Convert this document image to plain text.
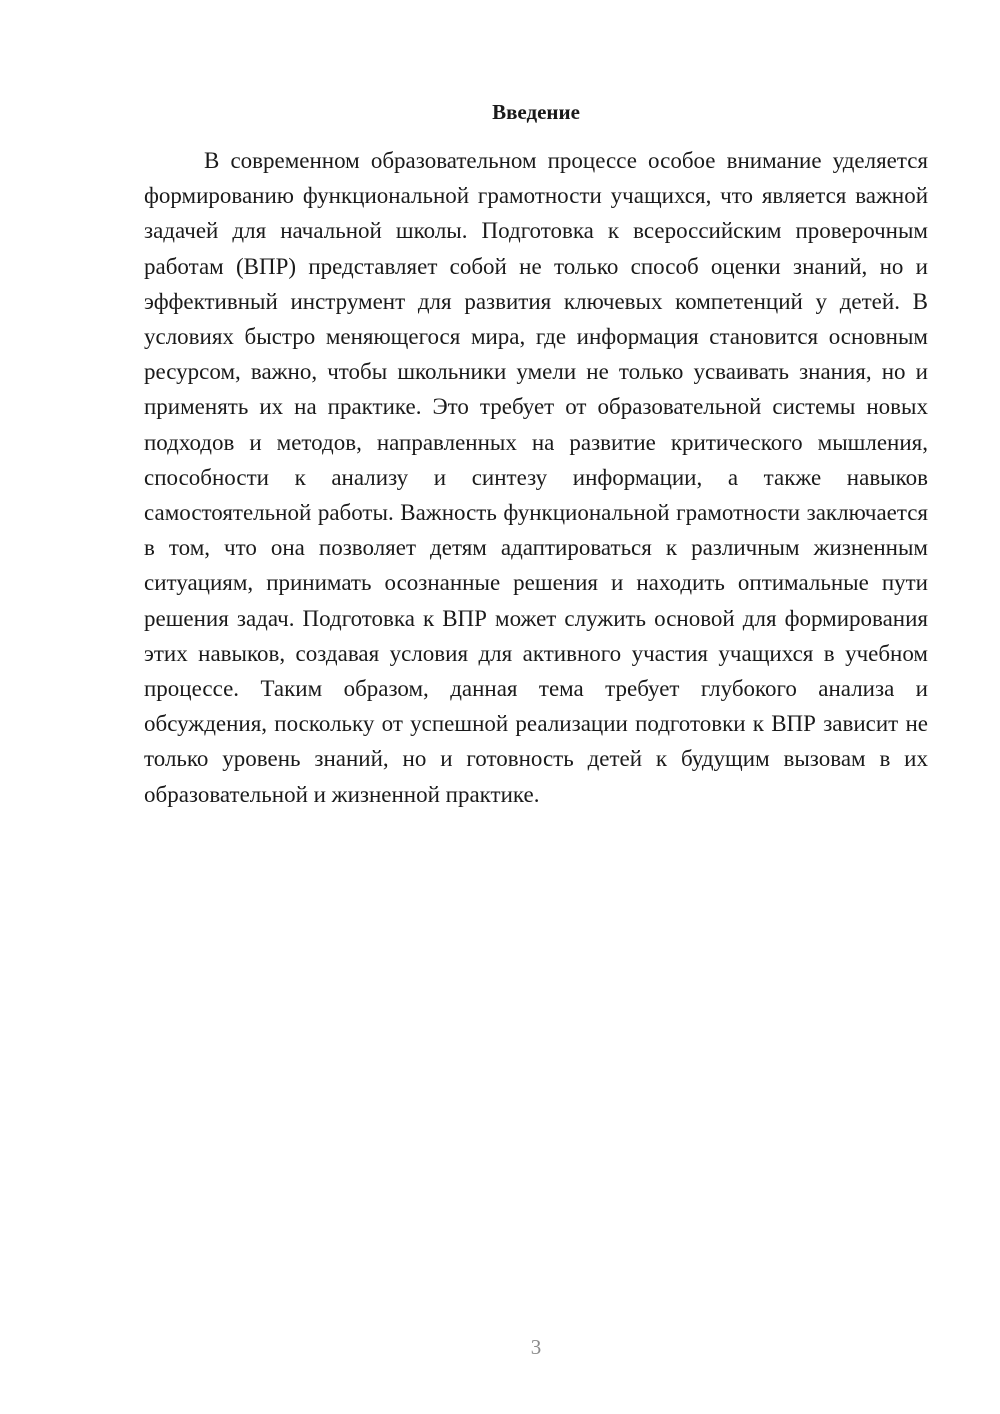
Введение

В современном образовательном процессе особое внимание уделяется формированию функциональной грамотности учащихся, что является важной задачей для начальной школы. Подготовка к всероссийским проверочным работам (ВПР) представляет собой не только способ оценки знаний, но и эффективный инструмент для развития ключевых компетенций у детей. В условиях быстро меняющегося мира, где информация становится основным ресурсом, важно, чтобы школьники умели не только усваивать знания, но и применять их на практике. Это требует от образовательной системы новых подходов и методов, направленных на развитие критического мышления, способности к анализу и синтезу информации, а также навыков самостоятельной работы. Важность функциональной грамотности заключается в том, что она позволяет детям адаптироваться к различным жизненным ситуациям, принимать осознанные решения и находить оптимальные пути решения задач. Подготовка к ВПР может служить основой для формирования этих навыков, создавая условия для активного участия учащихся в учебном процессе. Таким образом, данная тема требует глубокого анализа и обсуждения, поскольку от успешной реализации подготовки к ВПР зависит не только уровень знаний, но и готовность детей к будущим вызовам в их образовательной и жизненной практике.

3
